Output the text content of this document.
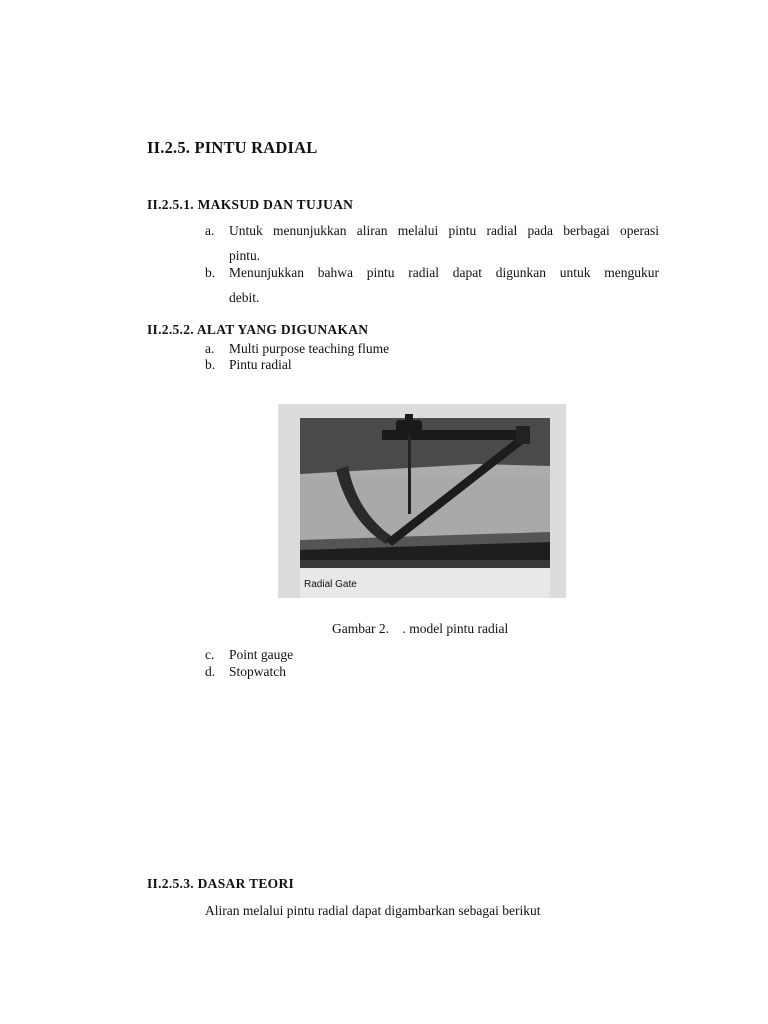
II.2.5. PINTU RADIAL
II.2.5.1. MAKSUD DAN TUJUAN
a.	Untuk menunjukkan aliran melalui pintu radial pada berbagai operasi
pintu.
b.	Menunjukkan bahwa pintu radial dapat digunkan untuk mengukur
debit.
II.2.5.2. ALAT YANG DIGUNAKAN
a. Multi purpose teaching flume
b. Pintu radial
Radial Gate
Gambar 2.    . model pintu radial
c. Point gauge
d. Stopwatch
II.2.5.3. DASAR TEORI
Aliran melalui pintu radial dapat digambarkan sebagai berikut
